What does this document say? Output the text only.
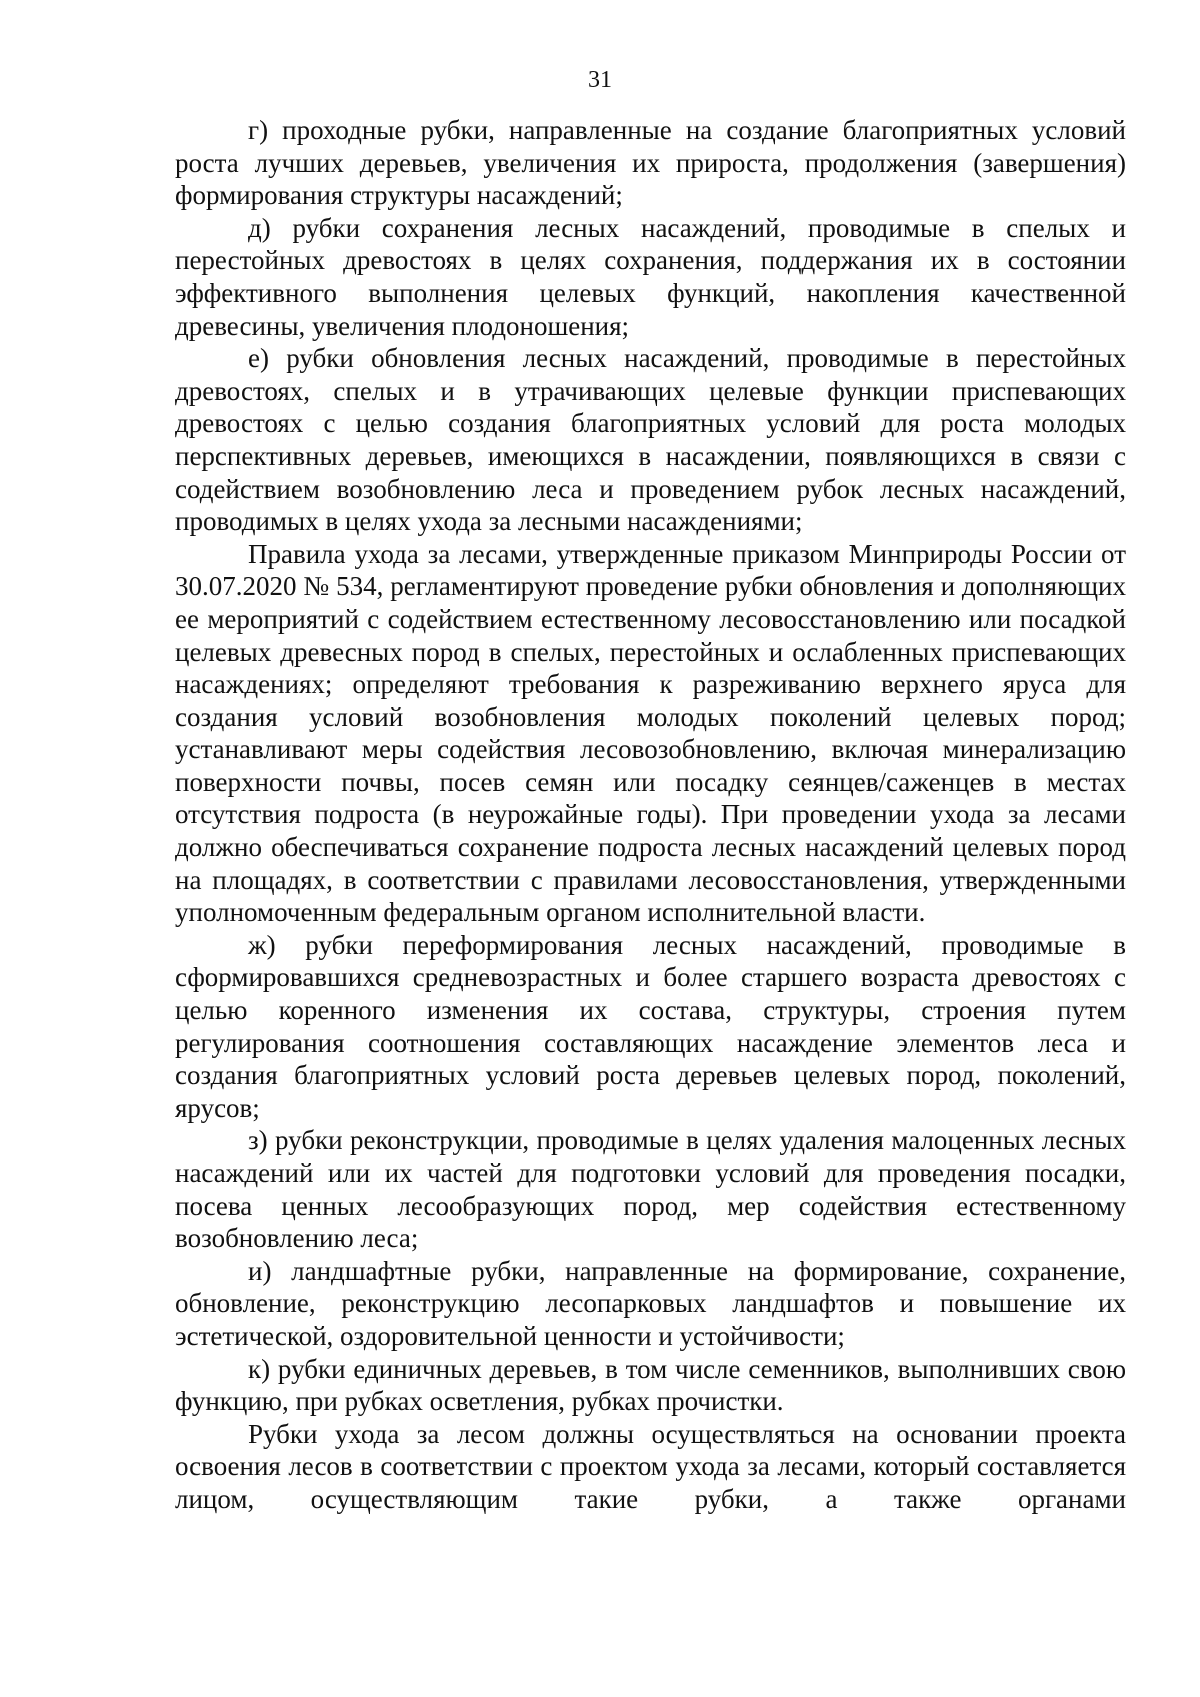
31

г) проходные рубки, направленные на создание благоприятных условий роста лучших деревьев, увеличения их прироста, продолжения (завершения) формирования структуры насаждений;

д) рубки сохранения лесных насаждений, проводимые в спелых и перестойных древостоях в целях сохранения, поддержания их в состоянии эффективного выполнения целевых функций, накопления качественной древесины, увеличения плодоношения;

е) рубки обновления лесных насаждений, проводимые в перестойных древостоях, спелых и в утрачивающих целевые функции приспевающих древостоях с целью создания благоприятных условий для роста молодых перспективных деревьев, имеющихся в насаждении, появляющихся в связи с содействием возобновлению леса и проведением рубок лесных насаждений, проводимых в целях ухода за лесными насаждениями;

Правила ухода за лесами, утвержденные приказом Минприроды России от 30.07.2020 № 534, регламентируют проведение рубки обновления и дополняющих ее мероприятий с содействием естественному лесовосстановлению или посадкой целевых древесных пород в спелых, перестойных и ослабленных приспевающих насаждениях; определяют требования к разреживанию верхнего яруса для создания условий возобновления молодых поколений целевых пород; устанавливают меры содействия лесовозобновлению, включая минерализацию поверхности почвы, посев семян или посадку сеянцев/саженцев в местах отсутствия подроста (в неурожайные годы). При проведении ухода за лесами должно обеспечиваться сохранение подроста лесных насаждений целевых пород на площадях, в соответствии с правилами лесовосстановления, утвержденными уполномоченным федеральным органом исполнительной власти.

ж) рубки переформирования лесных насаждений, проводимые в сформировавшихся средневозрастных и более старшего возраста древостоях с целью коренного изменения их состава, структуры, строения путем регулирования соотношения составляющих насаждение элементов леса и создания благоприятных условий роста деревьев целевых пород, поколений, ярусов;

з) рубки реконструкции, проводимые в целях удаления малоценных лесных насаждений или их частей для подготовки условий для проведения посадки, посева ценных лесообразующих пород, мер содействия естественному возобновлению леса;

и) ландшафтные рубки, направленные на формирование, сохранение, обновление, реконструкцию лесопарковых ландшафтов и повышение их эстетической, оздоровительной ценности и устойчивости;

к) рубки единичных деревьев, в том числе семенников, выполнивших свою функцию, при рубках осветления, рубках прочистки.

Рубки ухода за лесом должны осуществляться на основании проекта освоения лесов в соответствии с проектом ухода за лесами, который составляется лицом, осуществляющим такие рубки, а также органами
